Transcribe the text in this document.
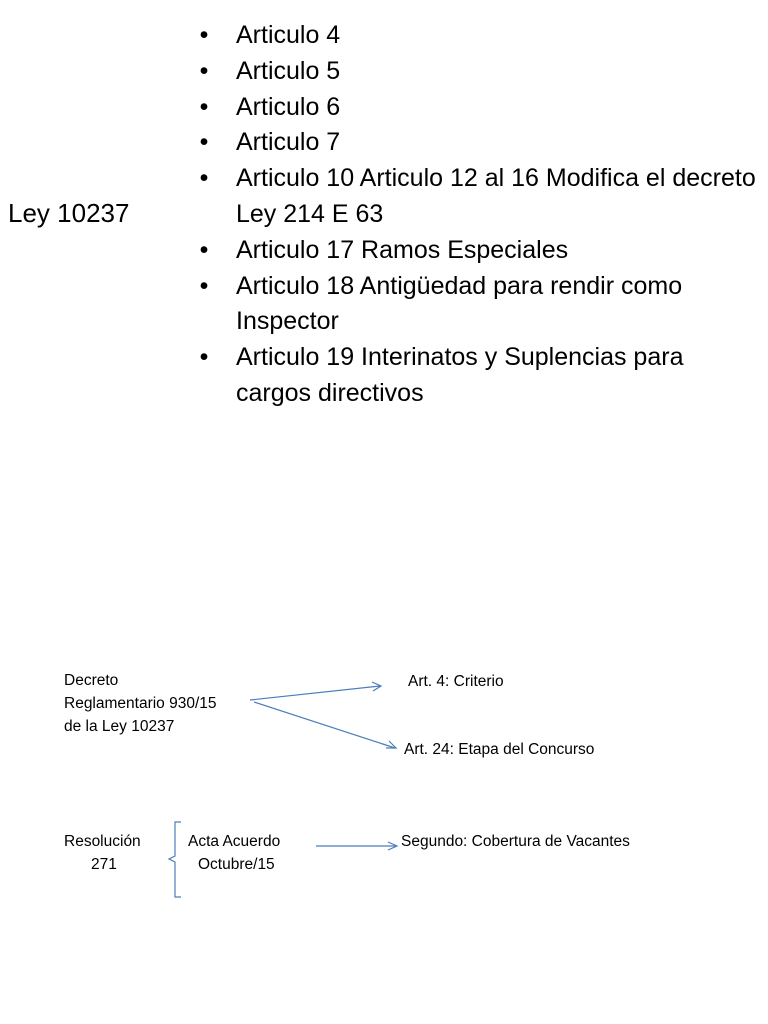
Ley 10237
• Articulo 4
• Articulo 5
• Articulo 6
• Articulo 7
• Articulo 10 Articulo 12 al 16 Modifica el decreto Ley 214 E 63
• Articulo 17 Ramos Especiales
• Articulo 18 Antigüedad para rendir como Inspector
• Articulo 19 Interinatos y Suplencias para cargos directivos
Decreto
Reglamentario 930/15
de la Ley 10237
Art. 4: Criterio
Art. 24: Etapa del Concurso
Resolución
271
Acta Acuerdo
Octubre/15
Segundo: Cobertura de Vacantes
